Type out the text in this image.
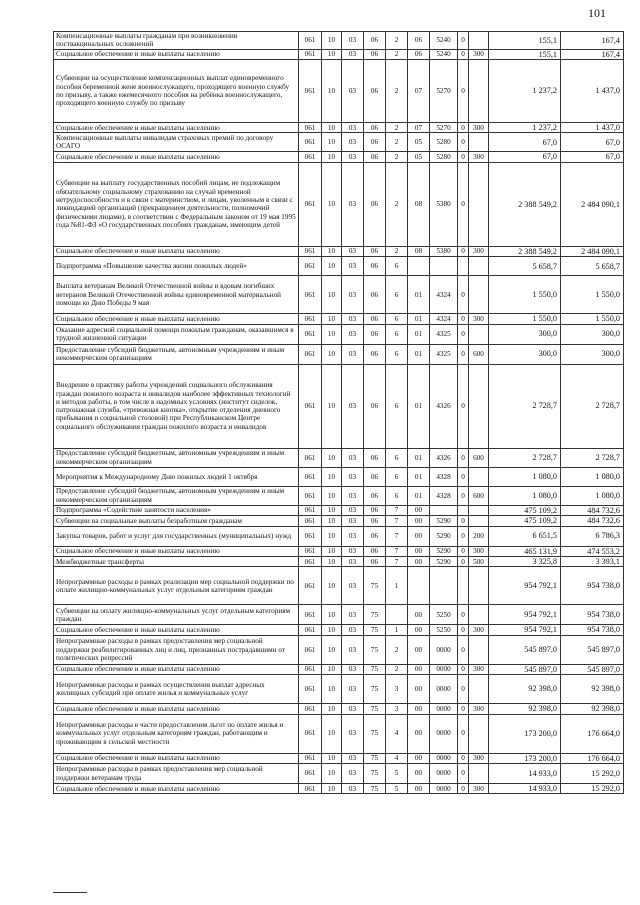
101
Компенсационные выплаты гражданам при возникновении поствакцинальных осложнений	061	10	03	06	2	06	5240	0		155,1	167,4
Социальное обеспечение и иные выплаты населению	061	10	03	06	2	06	5240	0	300	155,1	167,4
Субвенции на осуществление компенсационных выплат единовременного пособия беременной жене военнослужащего, проходящего военную службу по призыву, а также ежемесячного пособия на ребёнка военнослужащего, проходящего военную службу по призыву	061	10	03	06	2	07	5270	0		1 237,2	1 437,0
Социальное обеспечение и иные выплаты населению	061	10	03	06	2	07	5270	0	300	1 237,2	1 437,0
Компенсационные выплаты инвалидам страховых премий по договору ОСАГО	061	10	03	06	2	05	5280	0		67,0	67,0
Социальное обеспечение и иные выплаты населению	061	10	03	06	2	05	5280	0	300	67,0	67,0
Субвенции на выплату государственных пособий лицам, не подлежащим обязательному социальному страхованию на случай временной нетрудоспособности и в связи с материнством, и лицам, уволенным в связи с ликвидацией организаций (прекращением деятельности, полномочий физическими лицами), в соответствии с Федеральным законом от 19 мая 1995 года №81-ФЗ «О государственных пособиях гражданам, имеющим детей	061	10	03	06	2	08	5380	0		2 388 549,2	2 484 090,1
Социальное обеспечение и иные выплаты населению	061	10	03	06	2	08	5380	0	300	2 388 549,2	2 484 090,1
Подпрограмма «Повышение качества жизни пожилых людей»	061	10	03	06	6					5 658,7	5 658,7
Выплата ветеранам Великой Отечественной войны и вдовам погибших ветеранов Великой Отечественной войны единовременной материальной помощи ко Дню Победы 9 мая	061	10	03	06	6	01	4324	0		1 550,0	1 550,0
Социальное обеспечение и иные выплаты населению	061	10	03	06	6	01	4324	0	300	1 550,0	1 550,0
Оказание адресной социальной помощи пожилым гражданам, оказавшимся в трудной жизненной ситуации	061	10	03	06	6	01	4325	0		300,0	300,0
Предоставление субсидий бюджетным, автономным учреждениям и иным некоммерческим организациям	061	10	03	06	6	01	4325	0	600	300,0	300,0
Внедрение в практику работы учреждений социального обслуживания граждан пожилого возраста и инвалидов наиболее эффективных технологий и методов работы, в том числе в надомных условиях (институт сиделок, патронажная служба, «тревожная кнопка», открытие отделения дневного пребывания и социальной столовой) при Республиканском Центре социального обслуживания граждан пожилого возраста и инвалидов	061	10	03	06	6	01	4326	0		2 728,7	2 728,7
Предоставление субсидий бюджетным, автономным учреждениям и иным некоммерческим организациям	061	10	03	06	6	01	4326	0	600	2 728,7	2 728,7
Мероприятия к Международному Дню пожилых людей 1 октября	061	10	03	06	6	01	4328	0		1 080,0	1 080,0
Предоставление субсидий бюджетным, автономным учреждениям и иным некоммерческим организациям	061	10	03	06	6	01	4328	0	600	1 080,0	1 080,0
Подпрограмма «Содействие занятости населения»	061	10	03	06	7	00				475 109,2	484 732,6
Субвенции на социальные выплаты безработным гражданам	061	10	03	06	7	00	5290	0		475 109,2	484 732,6
Закупка товаров, работ и услуг для государственных (муниципальных) нужд	061	10	03	06	7	00	5290	0	200	6 651,5	6 786,3
Социальное обеспечение и иные выплаты населению	061	10	03	06	7	00	5290	0	300	465 131,9	474 553,2
Межбюджетные трансферты	061	10	03	06	7	00	5290	0	500	3 325,8	3 393,1
Непрограммные расходы в рамках реализации мер социальной поддержки по оплате жилищно-коммунальных услуг отдельным категориям граждан	061	10	03	75	1					954 792,1	954 738,0
Субвенции на оплату жилищно-коммунальных услуг отдельным категориям граждан	061	10	03	75		00	5250	0		954 792,1	954 738,0
Социальное обеспечение и иные выплаты населению	061	10	03	75	1	00	5250	0	300	954 792,1	954 738,0
Непрограммные расходы в рамках предоставления мер социальной поддержки реабилитированных лиц и лиц, признанных пострадавшими от политических репрессий	061	10	03	75	2	00	0000	0		545 897,0	545 897,0
Социальное обеспечение и иные выплаты населению	061	10	03	75	2	00	0000	0	300	545 897,0	545 897,0
Непрограммные расходы в рамках осуществления выплат адресных жилищных субсидий при оплате жилья и коммунальных услуг	061	10	03	75	3	00	0000	0		92 398,0	92 398,0
Социальное обеспечение и иные выплаты населению	061	10	03	75	3	00	0000	0	300	92 398,0	92 398,0
Непрограммные расходы в части предоставления льгот по оплате жилья и коммунальных услуг отдельным категориям граждан, работающим и проживающим в сельской местности	061	10	03	75	4	00	0000	0		173 200,0	176 664,0
Социальное обеспечение и иные выплаты населению	061	10	03	75	4	00	0000	0	300	173 200,0	176 664,0
Непрограммные расходы в рамках предоставления мер социальной поддержки ветеранам труда	061	10	03	75	5	00	0000	0		14 933,0	15 292,0
Социальное обеспечение и иные выплаты населению	061	10	03	75	5	00	0000	0	300	14 933,0	15 292,0
